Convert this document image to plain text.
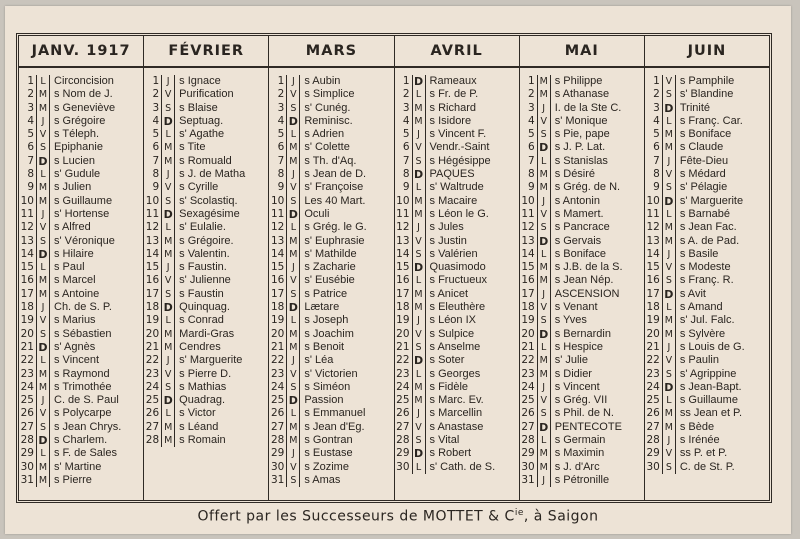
JANV. 1917
1 L Circoncision
2 M s Nom de J.
3 M s Geneviève
4 J s Grégoire
5 V s Téleph.
6 S Epiphanie
7 D s Lucien
8 L s' Gudule
9 M s Julien
10 M s Guillaume
11 J s' Hortense
12 V s Alfred
13 S s' Véronique
14 D s Hilaire
15 L s Paul
16 M s Marcel
17 M s Antoine
18 J Ch. de S. P.
19 V s Marius
20 S s Sébastien
21 D s' Agnès
22 L s Vincent
23 M s Raymond
24 M s Trimothée
25 J C. de S. Paul
26 V s Polycarpe
27 S s Jean Chrys.
28 D s Charlem.
29 L s F. de Sales
30 M s' Martine
31 M s Pierre
FÉVRIER
1 J s Ignace
2 V Purification
3 S s Blaise
4 D Septuag.
5 L s' Agathe
6 M s Tite
7 M s Romuald
8 J s J. de Matha
9 V s Cyrille
10 S s' Scolastiq.
11 D Sexagésime
12 L s' Eulalie.
13 M s Grégoire.
14 M s Valentin.
15 J s Faustin.
16 V s' Julienne
17 S s Faustin
18 D Quinquag.
19 L s Conrad
20 M Mardi-Gras
21 M Cendres
22 J s' Marguerite
23 V s Pierre D.
24 S s Mathias
25 D Quadrag.
26 L s Victor
27 M s Léand
28 M s Romain
MARS
1 J s Aubin
2 V s Simplice
3 S s' Cunég.
4 D Reminisc.
5 L s Adrien
6 M s' Colette
7 M s Th. d'Aq.
8 J s Jean de D.
9 V s' Françoise
10 S Les 40 Mart.
11 D Oculi
12 L s Grég. le G.
13 M s' Euphrasie
14 M s' Mathilde
15 J s Zacharie
16 V s' Eusébie
17 S s Patrice
18 D Lætare
19 L s Joseph
20 M s Joachim
21 M s Benoit
22 J s' Léa
23 V s' Victorien
24 S s Siméon
25 D Passion
26 L s Emmanuel
27 M s Jean d'Eg.
28 M s Gontran
29 J s Eustase
30 V s Zozime
31 S s Amas
AVRIL
1 D Rameaux
2 L s Fr. de P.
3 M s Richard
4 M s Isidore
5 J s Vincent F.
6 V Vendr.-Saint
7 S s Hégésippe
8 D PAQUES
9 L s' Waltrude
10 M s Macaire
11 M s Léon le G.
12 J s Jules
13 V s Justin
14 S s Valérien
15 D Quasimodo
16 L s Fructueux
17 M s Anicet
18 M s Eleuthère
19 J s Léon IX
20 V s Sulpice
21 S s Anselme
22 D s Soter
23 L s Georges
24 M s Fidèle
25 M s Marc. Ev.
26 J s Marcellin
27 V s Anastase
28 S s Vital
29 D s Robert
30 L s' Cath. de S.
MAI
1 M s Philippe
2 M s Athanase
3 J I. de la Ste C.
4 V s' Monique
5 S s Pie, pape
6 D s J. P. Lat.
7 L s Stanislas
8 M s Désiré
9 M s Grég. de N.
10 J s Antonin
11 V s Mamert.
12 S s Pancrace
13 D s Gervais
14 L s Boniface
15 M s J.B. de la S.
16 M s Jean Nép.
17 J ASCENSION
18 V s Venant
19 S s Yves
20 D s Bernardin
21 L s Hespice
22 M s' Julie
23 M s Didier
24 J s Vincent
25 V s Grég. VII
26 S s Phil. de N.
27 D PENTECOTE
28 L s Germain
29 M s Maximin
30 M s J. d'Arc
31 J s Pétronille
JUIN
1 V s Pamphile
2 S s' Blandine
3 D Trinité
4 L s Franç. Car.
5 M s Boniface
6 M s Claude
7 J Fête-Dieu
8 V s Médard
9 S s' Pélagie
10 D s' Marguerite
11 L s Barnabé
12 M s Jean Fac.
13 M s A. de Pad.
14 J s Basile
15 V s Modeste
16 S s Franç. R.
17 D s Avit
18 L s Amand
19 M s' Jul. Falc.
20 M s Sylvère
21 J s Louis de G.
22 V s Paulin
23 S s' Agrippine
24 D s Jean-Bapt.
25 L s Guillaume
26 M ss Jean et P.
27 M s Bède
28 J s Irénée
29 V ss P. et P.
30 S C. de St. P.
Offert par les Successeurs de MOTTET & $C^{ie}$, à Saigon
